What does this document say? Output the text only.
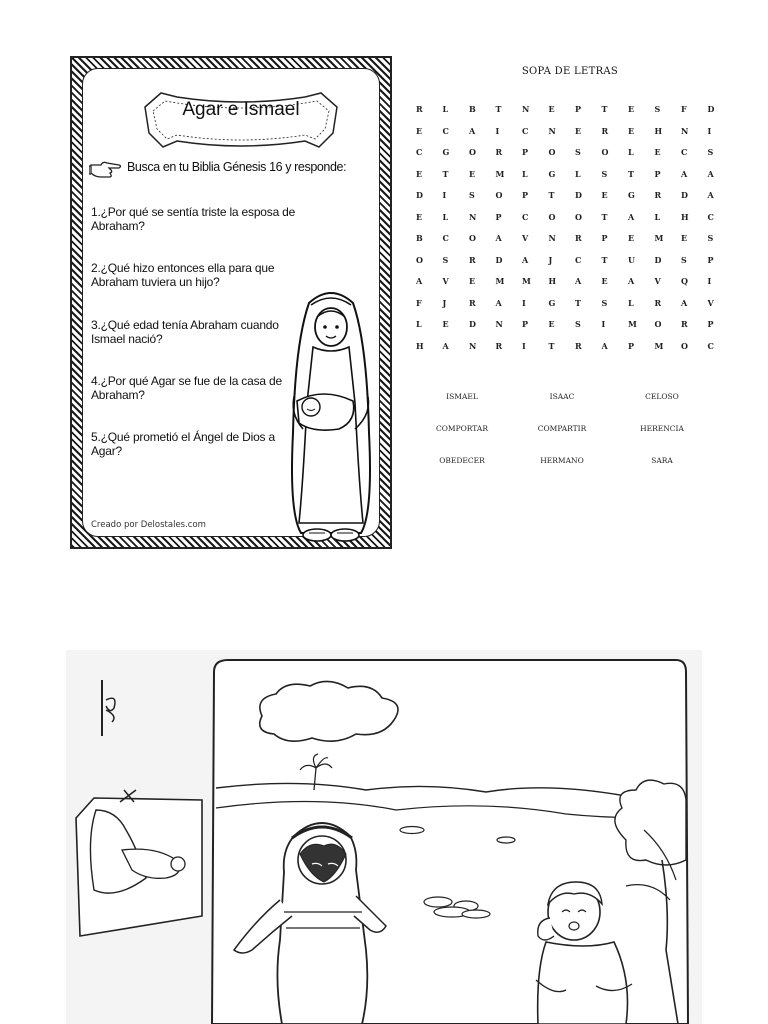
Agar e Ismael
Busca en tu Biblia Génesis 16 y responde:
1.¿Por qué se sentía triste la esposa de Abraham?
2.¿Qué hizo entonces ella para que Abraham tuviera un hijo?
3.¿Qué edad tenía Abraham cuando Ismael nació?
4.¿Por qué Agar se fue de la casa de Abraham?
5.¿Qué prometió el Ángel de Dios a Agar?
Creado por Delostales.com
SOPA DE LETRAS
R	L	B	T	N	E	P	T	E	S	F	D
E	C	A	I	C	N	E	R	E	H	N	I
C	G	O	R	P	O	S	O	L	E	C	S
E	T	E	M	L	G	L	S	T	P	A	A
D	I	S	O	P	T	D	E	G	R	D	A
E	L	N	P	C	O	O	T	A	L	H	C
B	C	O	A	V	N	R	P	E	M	E	S
O	S	R	D	A	J	C	T	U	D	S	P
A	V	E	M	M	H	A	E	A	V	Q	I
F	J	R	A	I	G	T	S	L	R	A	V
L	E	D	N	P	E	S	I	M	O	R	P
H	A	N	R	I	T	R	A	P	M	O	C
ISMAEL	ISAAC	CELOSO
COMPORTAR	COMPARTIR	HERENCIA
OBEDECER	HERMANO	SARA
